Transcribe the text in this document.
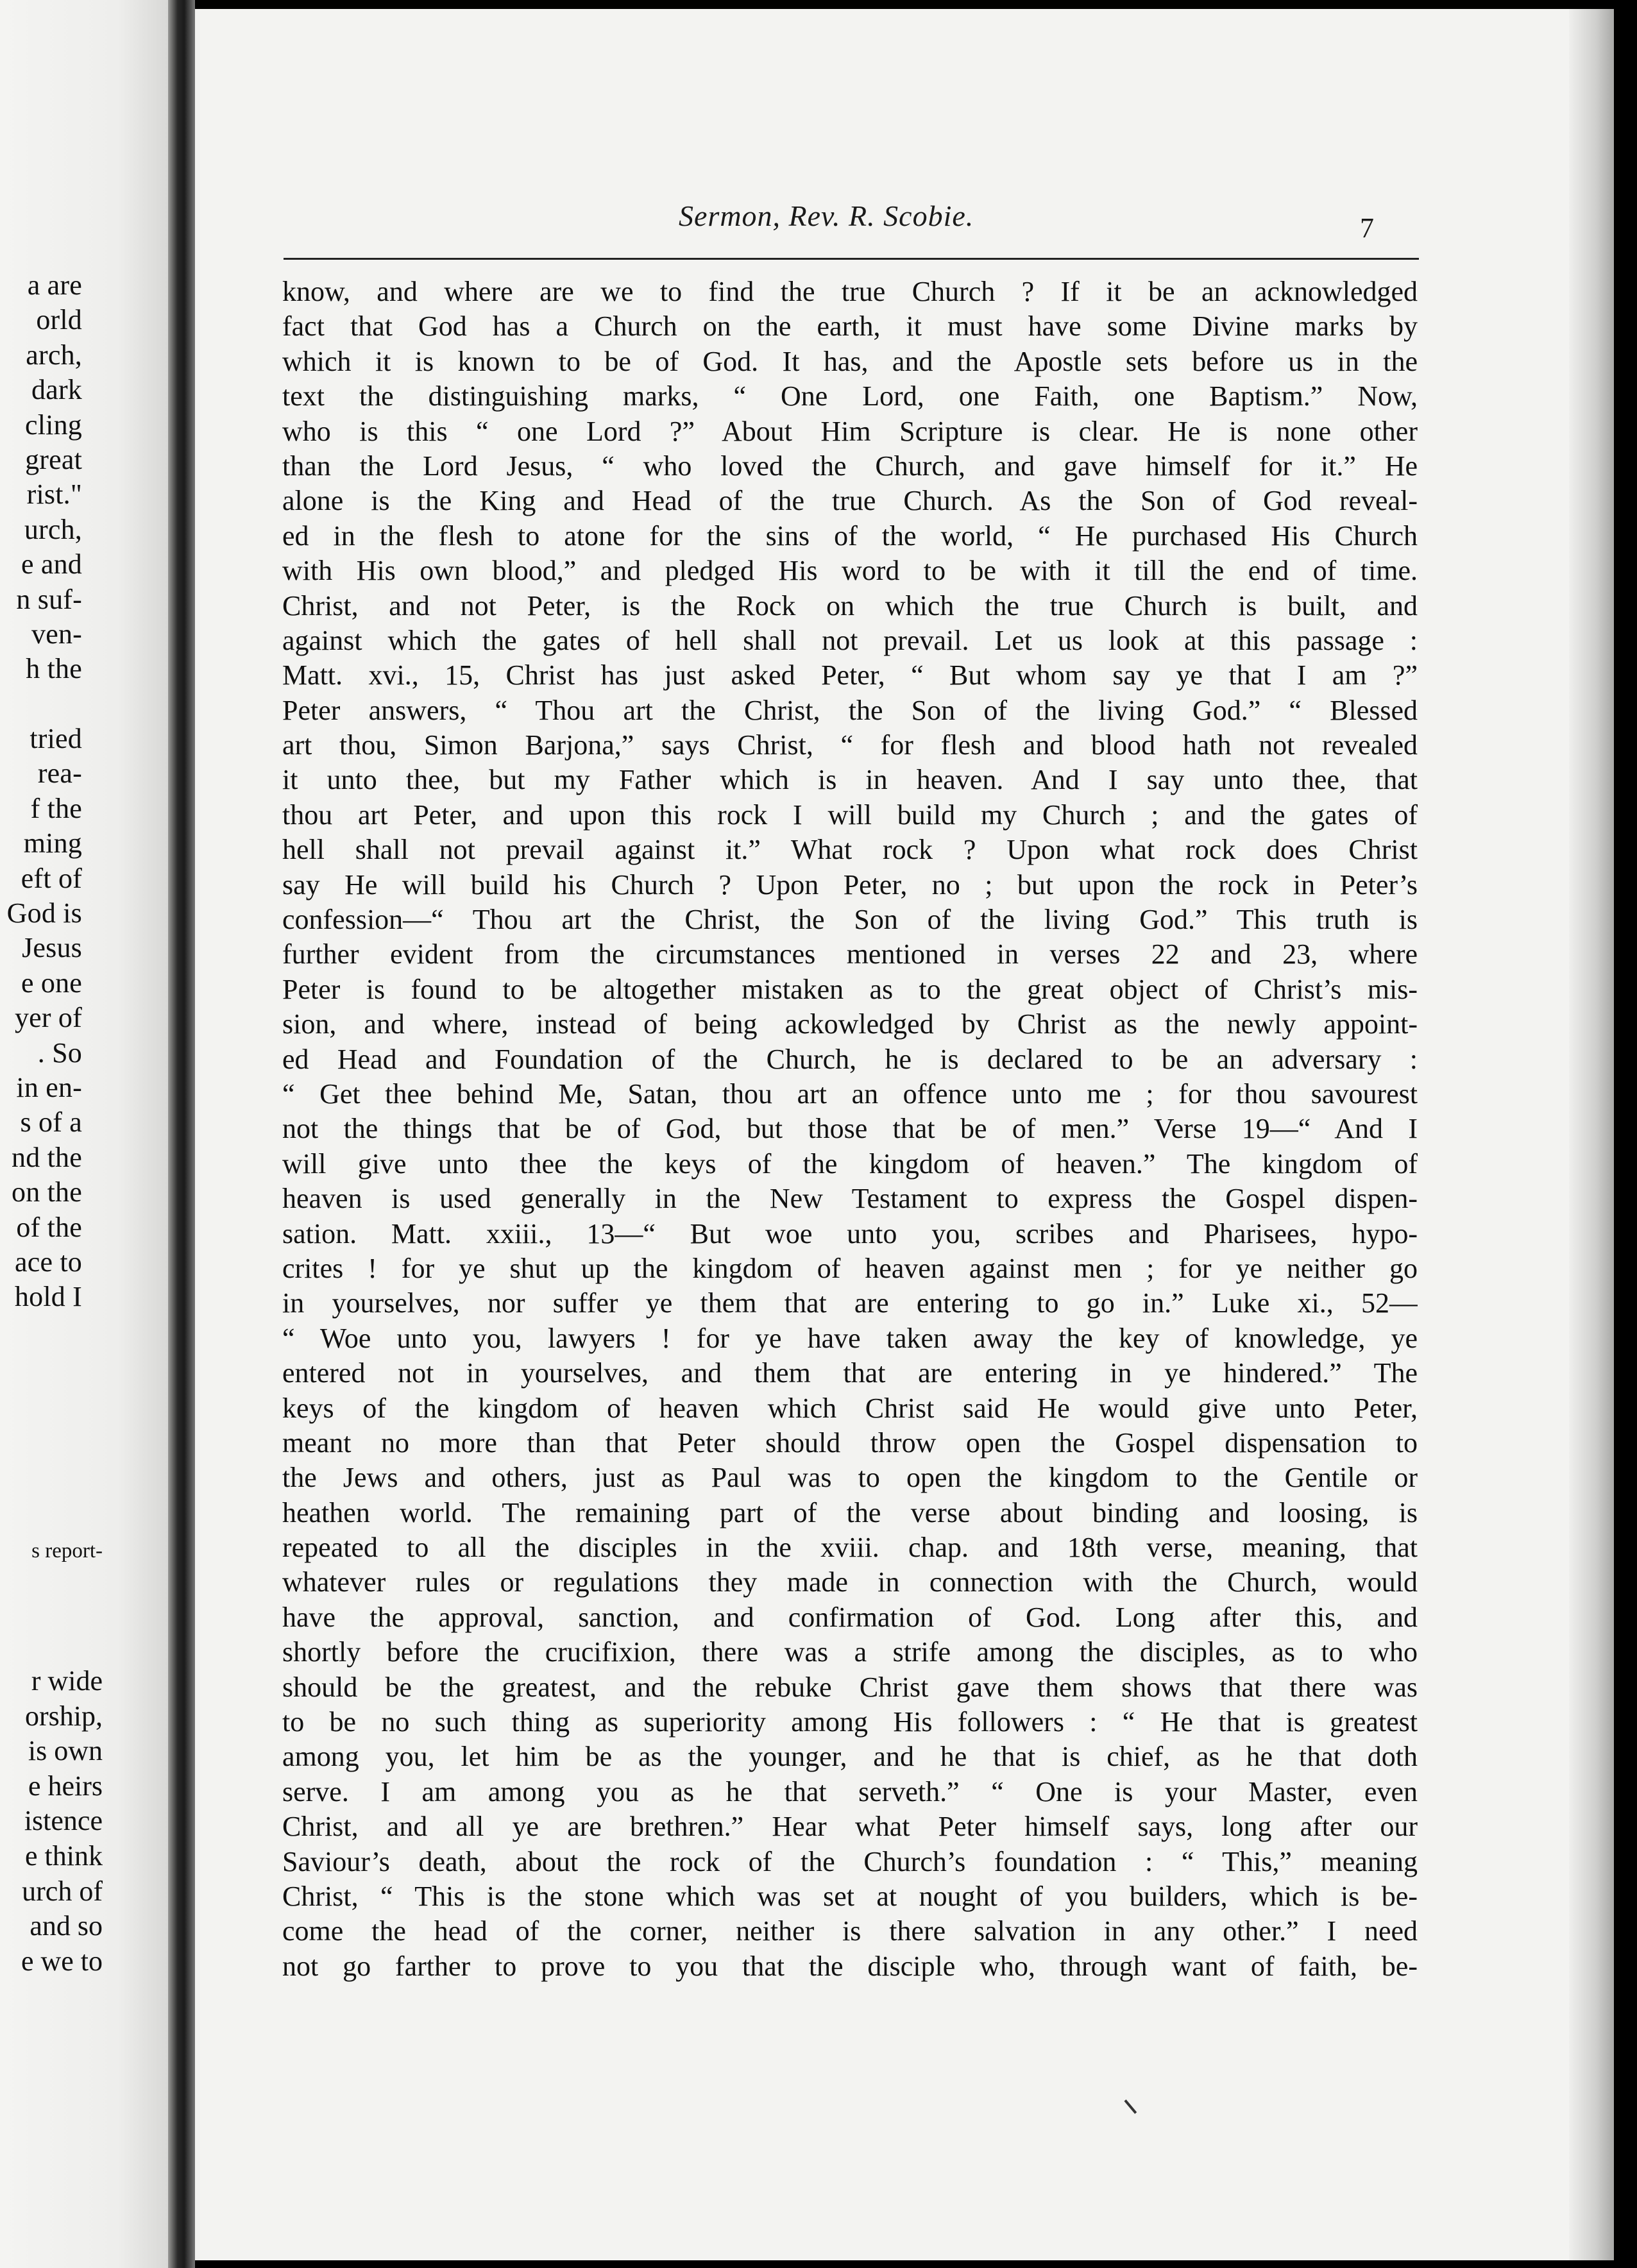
a are
orld
arch,
dark
cling
great
rist."
urch,
e and
n suf-
ven-
h the

tried
rea-
f the
ming
eft of
God is
Jesus
e one
yer of
. So
in en-
s of a
nd the
on the
of the
ace to
hold I
s report-
r wide
orship,
is own
e heirs
istence
e think
urch of
and so
e we to
Sermon, Rev. R. Scobie.	7
know, and where are we to find the true Church ? If it be an acknowledged
fact that God has a Church on the earth, it must have some Divine marks by
which it is known to be of God. It has, and the Apostle sets before us in the
text the distinguishing marks, “ One Lord, one Faith, one Baptism.” Now,
who is this “ one Lord ?” About Him Scripture is clear. He is none other
than the Lord Jesus, “ who loved the Church, and gave himself for it.” He
alone is the King and Head of the true Church. As the Son of God reveal-
ed in the flesh to atone for the sins of the world, “ He purchased His Church
with His own blood,” and pledged His word to be with it till the end of time.
Christ, and not Peter, is the Rock on which the true Church is built, and
against which the gates of hell shall not prevail. Let us look at this passage :
Matt. xvi., 15, Christ has just asked Peter, “ But whom say ye that I am ?”
Peter answers, “ Thou art the Christ, the Son of the living God.” “ Blessed
art thou, Simon Barjona,” says Christ, “ for flesh and blood hath not revealed
it unto thee, but my Father which is in heaven. And I say unto thee, that
thou art Peter, and upon this rock I will build my Church ; and the gates of
hell shall not prevail against it.” What rock ? Upon what rock does Christ
say He will build his Church ? Upon Peter, no ; but upon the rock in Peter’s
confession—“ Thou art the Christ, the Son of the living God.” This truth is
further evident from the circumstances mentioned in verses 22 and 23, where
Peter is found to be altogether mistaken as to the great object of Christ’s mis-
sion, and where, instead of being ackowledged by Christ as the newly appoint-
ed Head and Foundation of the Church, he is declared to be an adversary :
“ Get thee behind Me, Satan, thou art an offence unto me ; for thou savourest
not the things that be of God, but those that be of men.” Verse 19—“ And I
will give unto thee the keys of the kingdom of heaven.” The kingdom of
heaven is used generally in the New Testament to express the Gospel dispen-
sation. Matt. xxiii., 13—“ But woe unto you, scribes and Pharisees, hypo-
crites ! for ye shut up the kingdom of heaven against men ; for ye neither go
in yourselves, nor suffer ye them that are entering to go in.” Luke xi., 52—
“ Woe unto you, lawyers ! for ye have taken away the key of knowledge, ye
entered not in yourselves, and them that are entering in ye hindered.” The
keys of the kingdom of heaven which Christ said He would give unto Peter,
meant no more than that Peter should throw open the Gospel dispensation to
the Jews and others, just as Paul was to open the kingdom to the Gentile or
heathen world. The remaining part of the verse about binding and loosing, is
repeated to all the disciples in the xviii. chap. and 18th verse, meaning, that
whatever rules or regulations they made in connection with the Church, would
have the approval, sanction, and confirmation of God. Long after this, and
shortly before the crucifixion, there was a strife among the disciples, as to who
should be the greatest, and the rebuke Christ gave them shows that there was
to be no such thing as superiority among His followers : “ He that is greatest
among you, let him be as the younger, and he that is chief, as he that doth
serve. I am among you as he that serveth.” “ One is your Master, even
Christ, and all ye are brethren.” Hear what Peter himself says, long after our
Saviour’s death, about the rock of the Church’s foundation : “ This,” meaning
Christ, “ This is the stone which was set at nought of you builders, which is be-
come the head of the corner, neither is there salvation in any other.” I need
not go farther to prove to you that the disciple who, through want of faith, be-
